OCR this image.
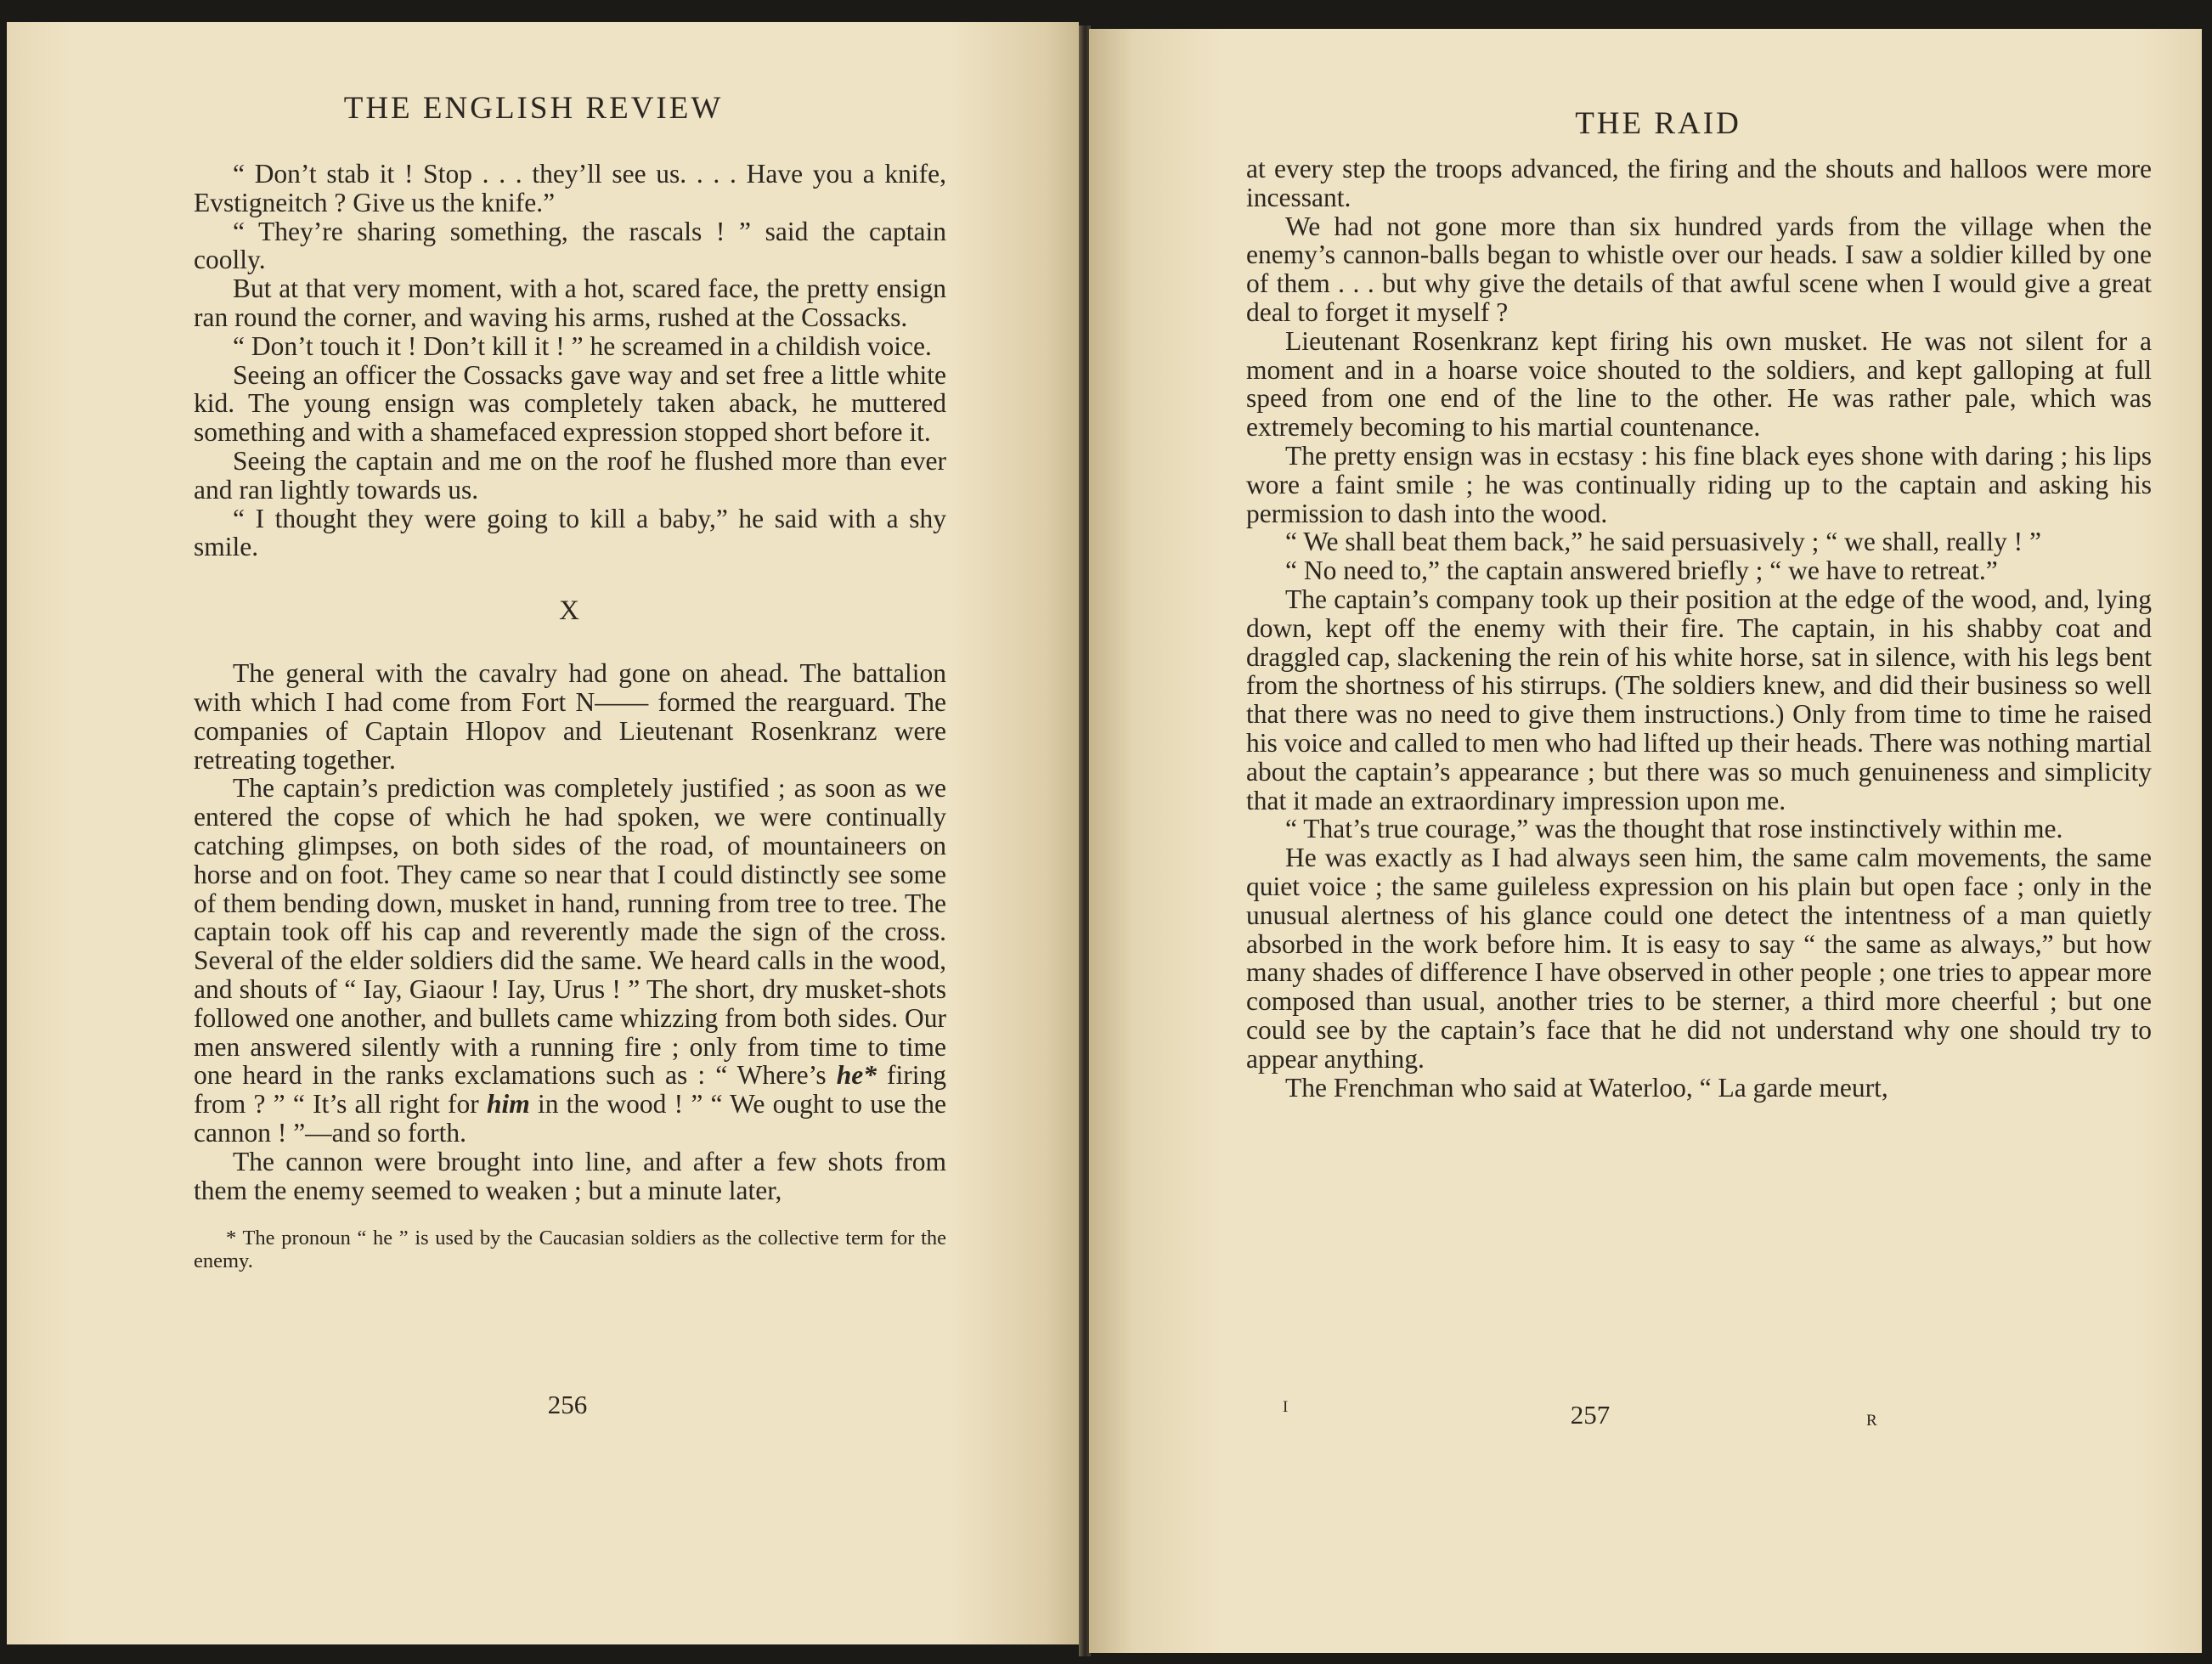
THE ENGLISH REVIEW

“ Don’t stab it ! Stop . . . they’ll see us. . . . Have you a knife, Evstigneitch ? Give us the knife.”

“ They’re sharing something, the rascals ! ” said the captain coolly.

But at that very moment, with a hot, scared face, the pretty ensign ran round the corner, and waving his arms, rushed at the Cossacks.

“ Don’t touch it ! Don’t kill it ! ” he screamed in a childish voice.

Seeing an officer the Cossacks gave way and set free a little white kid. The young ensign was completely taken aback, he muttered something and with a shamefaced expression stopped short before it.

Seeing the captain and me on the roof he flushed more than ever and ran lightly towards us.

“ I thought they were going to kill a baby,” he said with a shy smile.

X

The general with the cavalry had gone on ahead. The battalion with which I had come from Fort N—— formed the rearguard. The companies of Captain Hlopov and Lieutenant Rosenkranz were retreating together.

The captain’s prediction was completely justified ; as soon as we entered the copse of which he had spoken, we were continually catching glimpses, on both sides of the road, of mountaineers on horse and on foot. They came so near that I could distinctly see some of them bending down, musket in hand, running from tree to tree. The captain took off his cap and reverently made the sign of the cross. Several of the elder soldiers did the same. We heard calls in the wood, and shouts of “ Iay, Giaour ! Iay, Urus ! ” The short, dry musket-shots followed one another, and bullets came whizzing from both sides. Our men answered silently with a running fire ; only from time to time one heard in the ranks exclamations such as : “ Where’s he* firing from ? ” “ It’s all right for him in the wood ! ” “ We ought to use the cannon ! ”—and so forth.

The cannon were brought into line, and after a few shots from them the enemy seemed to weaken ; but a minute later,

* The pronoun “ he ” is used by the Caucasian soldiers as the collective term for the enemy.

256
THE RAID

at every step the troops advanced, the firing and the shouts and halloos were more incessant.

We had not gone more than six hundred yards from the village when the enemy’s cannon-balls began to whistle over our heads. I saw a soldier killed by one of them . . . but why give the details of that awful scene when I would give a great deal to forget it myself ?

Lieutenant Rosenkranz kept firing his own musket. He was not silent for a moment and in a hoarse voice shouted to the soldiers, and kept galloping at full speed from one end of the line to the other. He was rather pale, which was extremely becoming to his martial countenance.

The pretty ensign was in ecstasy : his fine black eyes shone with daring ; his lips wore a faint smile ; he was continually riding up to the captain and asking his permission to dash into the wood.

“ We shall beat them back,” he said persuasively ; “ we shall, really ! ”

“ No need to,” the captain answered briefly ; “ we have to retreat.”

The captain’s company took up their position at the edge of the wood, and, lying down, kept off the enemy with their fire. The captain, in his shabby coat and draggled cap, slackening the rein of his white horse, sat in silence, with his legs bent from the shortness of his stirrups. (The soldiers knew, and did their business so well that there was no need to give them instructions.) Only from time to time he raised his voice and called to men who had lifted up their heads. There was nothing martial about the captain’s appearance ; but there was so much genuineness and simplicity that it made an extraordinary impression upon me.

“ That’s true courage,” was the thought that rose instinctively within me.

He was exactly as I had always seen him, the same calm movements, the same quiet voice ; the same guileless expression on his plain but open face ; only in the unusual alertness of his glance could one detect the intentness of a man quietly absorbed in the work before him. It is easy to say “ the same as always,” but how many shades of difference I have observed in other people ; one tries to appear more composed than usual, another tries to be sterner, a third more cheerful ; but one could see by the captain’s face that he did not understand why one should try to appear anything.

The Frenchman who said at Waterloo, “ La garde meurt,

I	257	R
